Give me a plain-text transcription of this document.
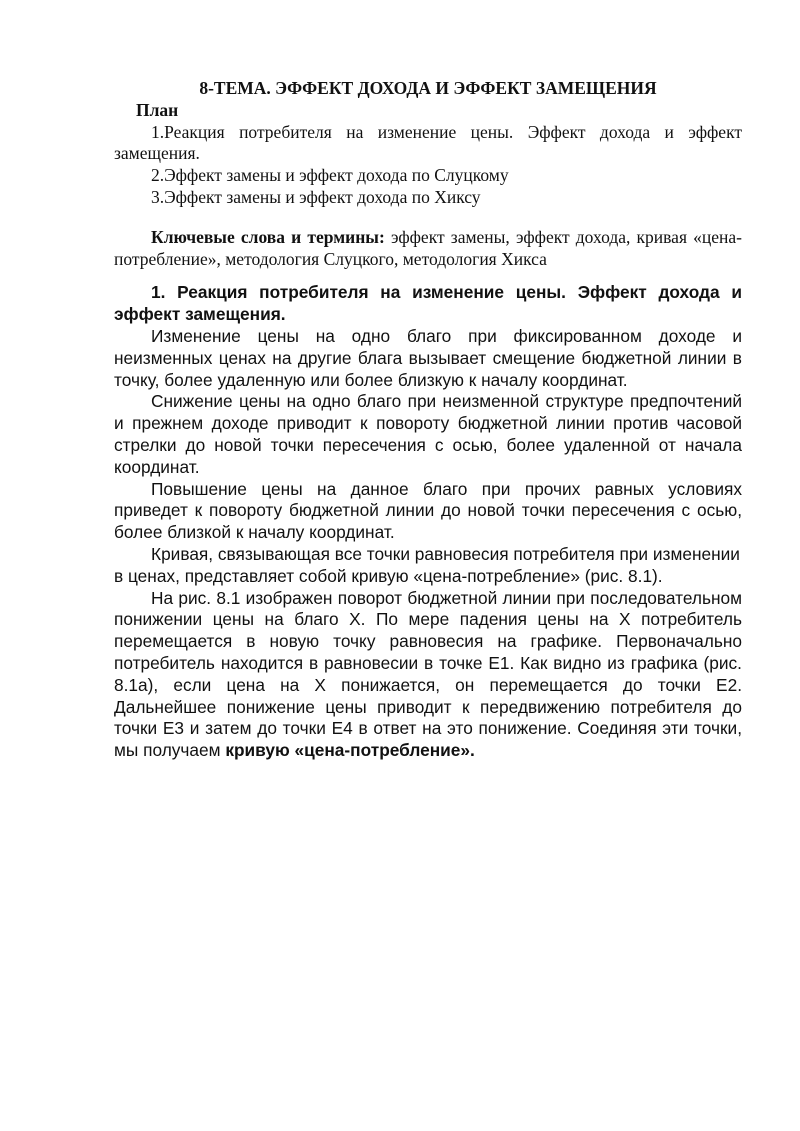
8-ТЕМА. ЭФФЕКТ ДОХОДА И ЭФФЕКТ ЗАМЕЩЕНИЯ

План

1.Реакция потребителя на изменение цены. Эффект дохода и эффект замещения.

2.Эффект замены и эффект дохода по Слуцкому

3.Эффект замены и эффект дохода по Хиксу

Ключевые слова и термины: эффект замены, эффект дохода, кривая «цена-потребление», методология Слуцкого, методология Хикса

1. Реакция потребителя на изменение цены. Эффект дохода и эффект замещения.

Изменение цены на одно благо при фиксированном доходе и неизменных ценах на другие блага вызывает смещение бюджетной линии в точку, более удаленную или более близкую к началу координат.

Снижение цены на одно благо при неизменной структуре предпочтений и прежнем доходе приводит к повороту бюджетной линии против часовой стрелки до новой точки пересечения с осью, более удаленной от начала координат.

Повышение цены на данное благо при прочих равных условиях приведет к повороту бюджетной линии до новой точки пересечения с осью, более близкой к началу координат.

Кривая, связывающая все точки равновесия потребителя при изменении в ценах, представляет собой кривую «цена-потребление» (рис. 8.1).

На рис. 8.1 изображен поворот бюджетной линии при последовательном понижении цены на благо X. По мере падения цены на X потребитель перемещается в новую точку равновесия на графике. Первоначально потребитель находится в равновесии в точке E1. Как видно из графика (рис. 8.1а), если цена на X понижается, он перемещается до точки E2. Дальнейшее понижение цены приводит к передвижению потребителя до точки E3 и затем до точки E4 в ответ на это понижение. Соединяя эти точки, мы получаем кривую «цена-потребление».
